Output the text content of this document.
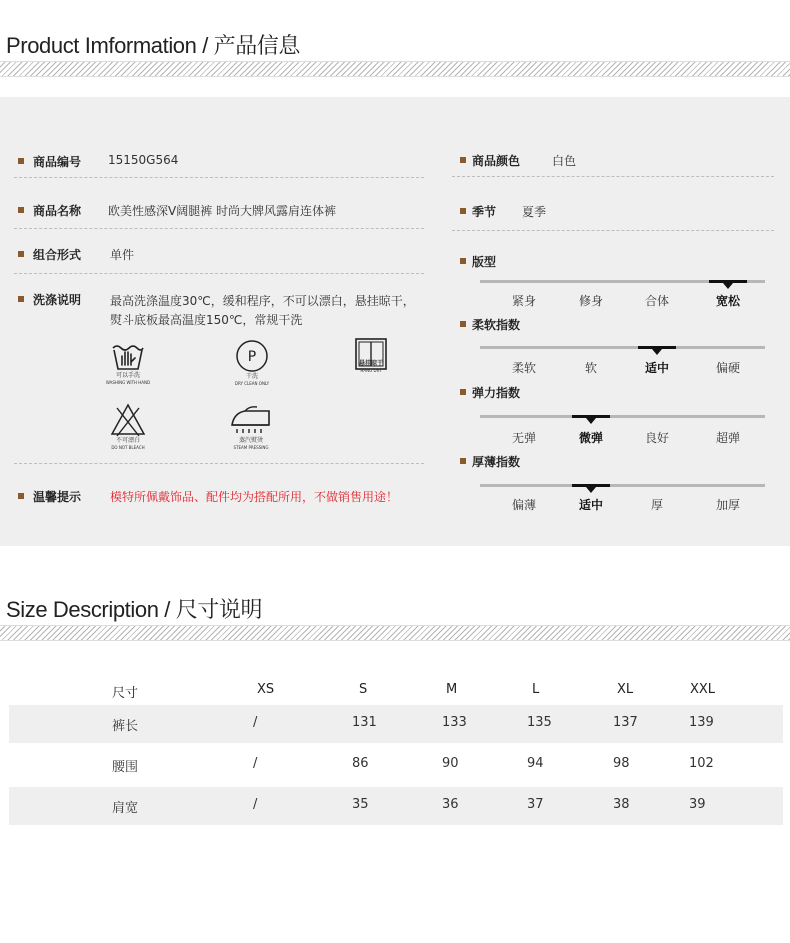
Product Imformation / 产品信息
商品编号 15150G564
商品名称 欧美性感深V阔腿裤 时尚大牌风露肩连体裤
组合形式 单件
洗涤说明 最高洗涤温度30℃，缓和程序，不可以漂白，悬挂晾干，
熨斗底板最高温度150℃，常规干洗
可以手洗
WASHING WITH HAND
P
干洗
DRY CLEAN ONLY
悬挂晾干
HANG DRY
不可漂白
DO NOT BLEACH
蒸汽熨烫
STEAM PRESSING
温馨提示 模特所佩戴饰品、配件均为搭配所用，不做销售用途！
商品颜色	白色
季节 夏季
版型
紧身	修身	合体	宽松
柔软指数
柔软	软	适中	偏硬
弹力指数
无弹	微弹	良好	超弹
厚薄指数
偏薄	适中	厚	加厚
Size Description / 尺寸说明
尺寸	XS	S	M	L	XL	XXL
裤长	/	131	133	135	137	139
腰围	/	86	90	94	98	102
肩宽	/	35	36	37	38	39
